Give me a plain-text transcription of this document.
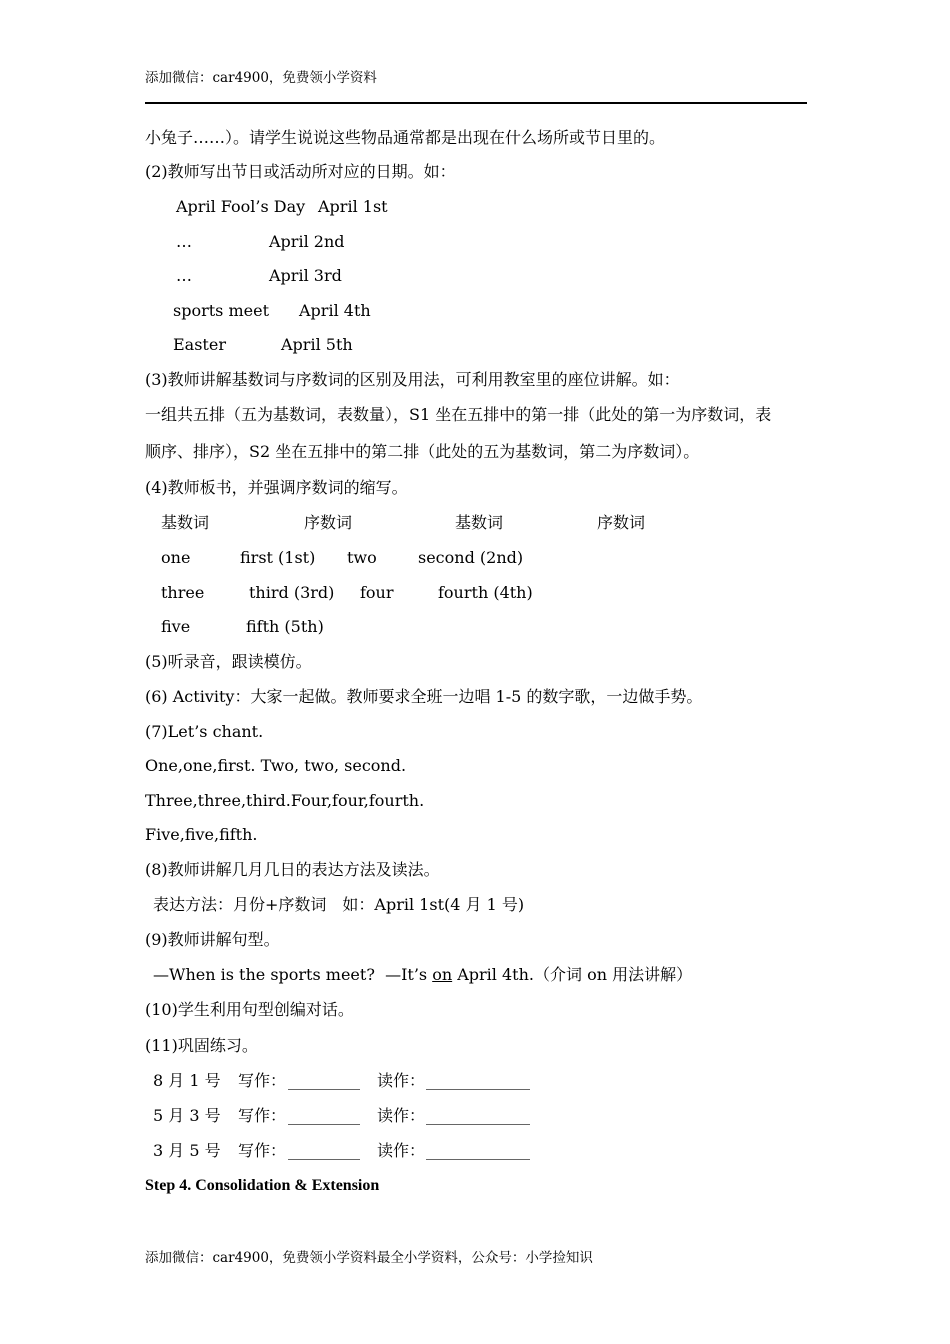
添加微信：car4900，免费领小学资料
小兔子……）。请学生说说这些物品通常都是出现在什么场所或节日里的。
(2)教师写出节日或活动所对应的日期。如：
April Fool’s Day April 1st
…	April 2nd
…	April 3rd
sports meet April 4th
Easter	April 5th
(3)教师讲解基数词与序数词的区别及用法，可利用教室里的座位讲解。如：
一组共五排（五为基数词，表数量），S1 坐在五排中的第一排（此处的第一为序数词，表
顺序、排序），S2 坐在五排中的第二排（此处的五为基数词，第二为序数词）。
(4)教师板书，并强调序数词的缩写。
基数词	序数词	基数词	序数词
one	first (1st) two	second (2nd)
three	third (3rd) four	fourth (4th)
five	fifth (5th)
(5)听录音，跟读模仿。
(6) Activity：大家一起做。教师要求全班一边唱 1-5 的数字歌，一边做手势。
(7)Let’s chant.
One,one,first. Two, two, second.
Three,three,third.Four,four,fourth.
Five,five,fifth.
(8)教师讲解几月几日的表达方法及读法。
表达方法：月份+序数词　如：April 1st(4 月 1 号)
(9)教师讲解句型。
—When is the sports meet?  —It’s on April 4th.（介词 on 用法讲解）
(10)学生利用句型创编对话。
(11)巩固练习。
8 月 1 号 写作： _________ 读作： _____________
5 月 3 号 写作： _________ 读作： _____________
3 月 5 号 写作： _________ 读作： _____________
Step 4. Consolidation & Extension
添加微信：car4900，免费领小学资料最全小学资料，公众号：小学捡知识
